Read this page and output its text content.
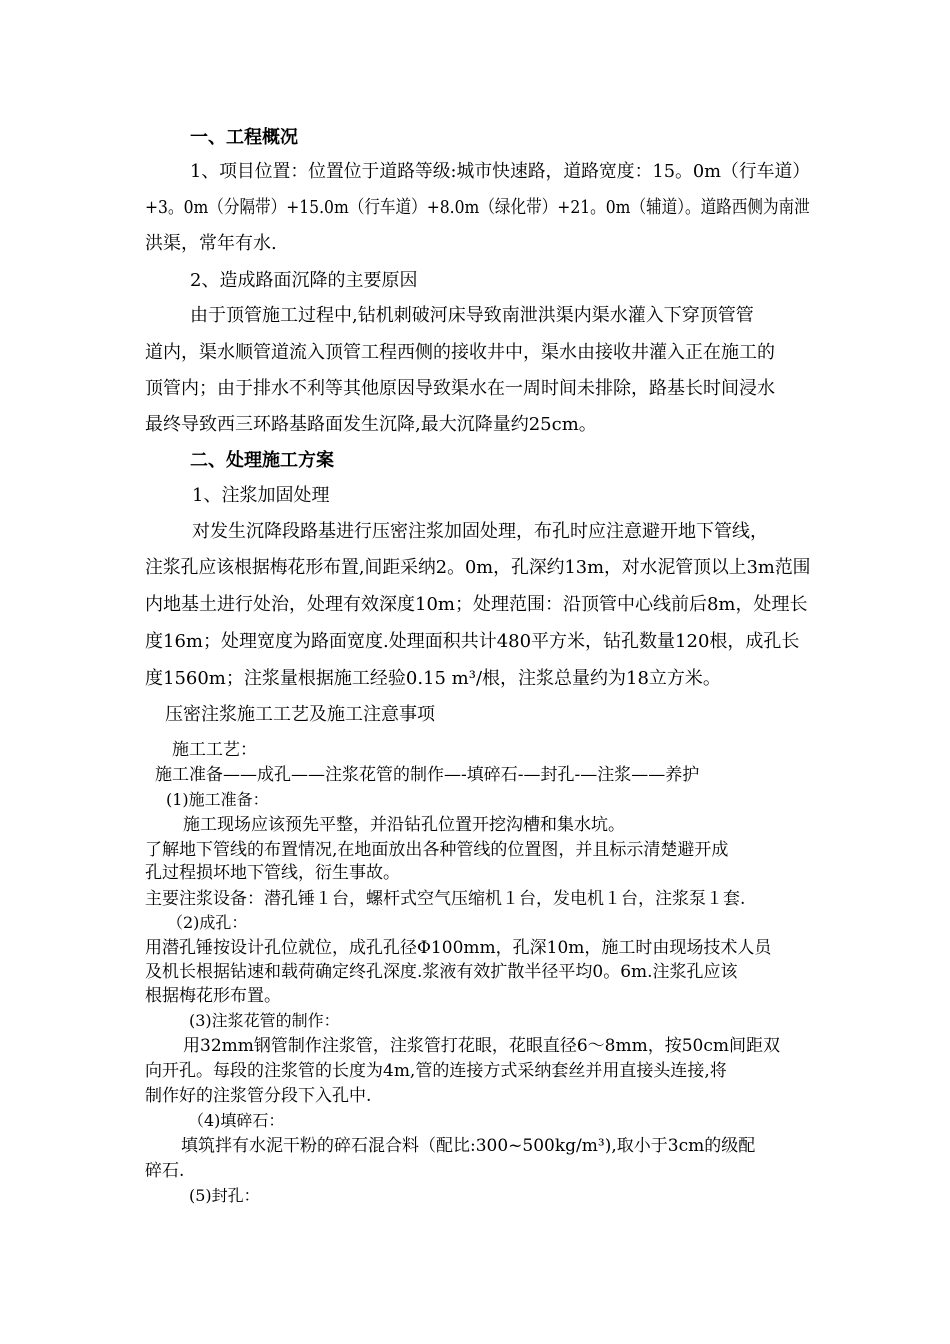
一、工程概况
1、项目位置：位置位于道路等级:城市快速路，道路宽度：15。0m（行车道）
+3。0m（分隔带）+15.0m（行车道）+8.0m（绿化带）+21。0m（辅道）。道路西侧为南泄
洪渠，常年有水.
2、造成路面沉降的主要原因
由于顶管施工过程中,钻机刺破河床导致南泄洪渠内渠水灌入下穿顶管管
道内，渠水顺管道流入顶管工程西侧的接收井中，渠水由接收井灌入正在施工的
顶管内；由于排水不利等其他原因导致渠水在一周时间未排除，路基长时间浸水
最终导致西三环路基路面发生沉降,最大沉降量约25cm。
二、处理施工方案
1、注浆加固处理
对发生沉降段路基进行压密注浆加固处理，布孔时应注意避开地下管线，
注浆孔应该根据梅花形布置,间距采纳2。0m，孔深约13m，对水泥管顶以上3m范围
内地基土进行处治，处理有效深度10m；处理范围：沿顶管中心线前后8m，处理长
度16m；处理宽度为路面宽度.处理面积共计480平方米，钻孔数量120根，成孔长
度1560m；注浆量根据施工经验0.15 m³/根，注浆总量约为18立方米。
压密注浆施工工艺及施工注意事项
施工工艺：
施工准备——成孔——注浆花管的制作—-填碎石-—封孔-—注浆——养护
(1)施工准备：
施工现场应该预先平整，并沿钻孔位置开挖沟槽和集水坑。
了解地下管线的布置情况,在地面放出各种管线的位置图，并且标示清楚避开成
孔过程损坏地下管线，衍生事故。
主要注浆设备：潜孔锤１台，螺杆式空气压缩机１台，发电机１台，注浆泵１套.
（2)成孔：
用潜孔锤按设计孔位就位，成孔孔径Φ100mm，孔深10m，施工时由现场技术人员
及机长根据钻速和载荷确定终孔深度.浆液有效扩散半径平均0。6m.注浆孔应该
根据梅花形布置。
(3)注浆花管的制作：
用32mm钢管制作注浆管，注浆管打花眼，花眼直径6～8mm，按50cm间距双
向开孔。每段的注浆管的长度为4m,管的连接方式采纳套丝并用直接头连接,将
制作好的注浆管分段下入孔中.
（4)填碎石：
填筑拌有水泥干粉的碎石混合料（配比:300~500kg/m³),取小于3cm的级配
碎石.
(5)封孔：
